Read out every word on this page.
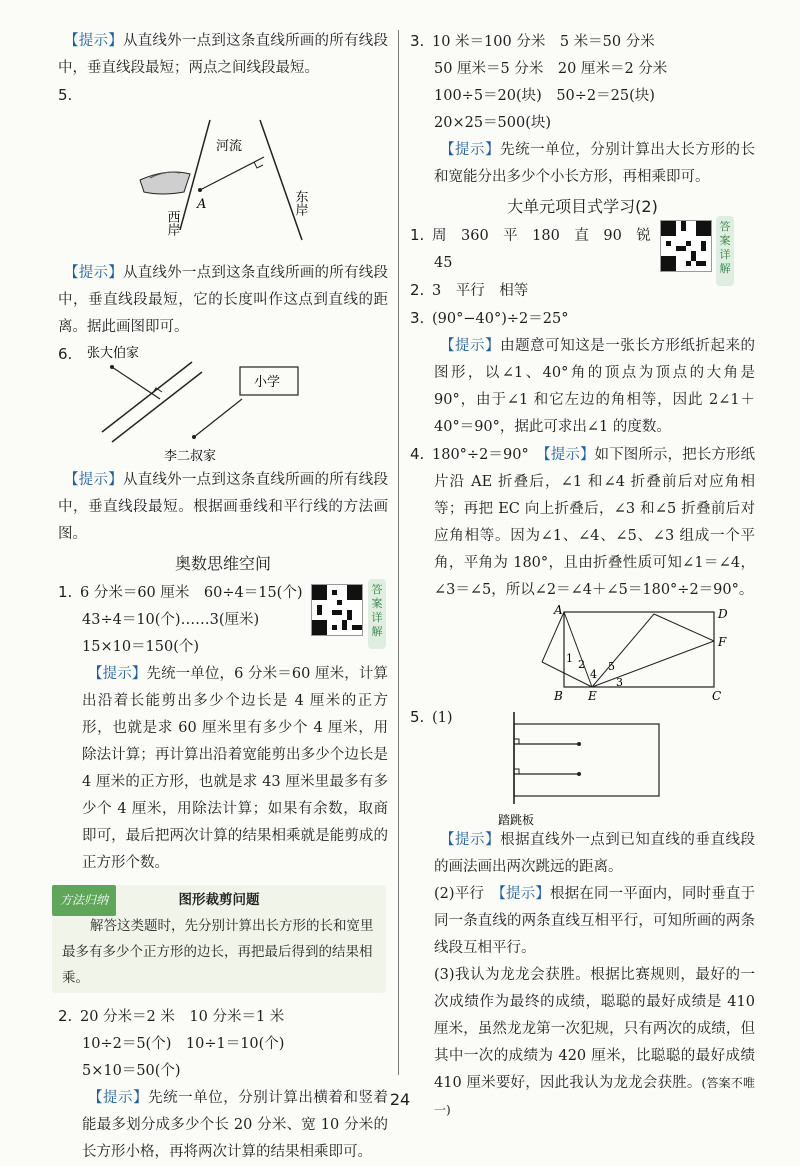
【提示】从直线外一点到这条直线所画的所有线段中，垂直线段最短；两点之间线段最短。

5.
河流
A
西岸
东岸

【提示】从直线外一点到这条直线所画的所有线段中，垂直线段最短，它的长度叫作这点到直线的距离。据此画图即可。

6. 张大伯家
小学
李二叔家

【提示】从直线外一点到这条直线所画的所有线段中，垂直线段最短。根据画垂线和平行线的方法画图。

奥数思维空间
1. 6 分米＝60 厘米　60÷4＝15(个)
43÷4＝10(个)……3(厘米)
15×10＝150(个)
答案详解

【提示】先统一单位，6 分米＝60 厘米，计算出沿着长能剪出多少个边长是 4 厘米的正方形，也就是求 60 厘米里有多少个 4 厘米，用除法计算；再计算出沿着宽能剪出多少个边长是 4 厘米的正方形，也就是求 43 厘米里最多有多少个 4 厘米，用除法计算；如果有余数，取商即可，最后把两次计算的结果相乘就是能剪成的正方形个数。

方法归纳	图形裁剪问题
解答这类题时，先分别计算出长方形的长和宽里最多有多少个正方形的边长，再把最后得到的结果相乘。
2. 20 分米＝2 米　10 分米＝1 米
10÷2＝5(个)　10÷1＝10(个)
5×10＝50(个)

【提示】先统一单位，分别计算出横着和竖着能最多划分成多少个长 20 分米、宽 10 分米的长方形小格，再将两次计算的结果相乘即可。

3. 10 米＝100 分米　5 米＝50 分米
50 厘米＝5 分米　20 厘米＝2 分米
100÷5＝20(块)　50÷2＝25(块)
20×25＝500(块)

【提示】先统一单位，分别计算出大长方形的长和宽能分出多少个小长方形，再相乘即可。

大单元项目式学习(2)
1. 周　360　平　180　直　90　锐
45
答案详解
2. 3　平行　相等
3. (90°−40°)÷2＝25°

【提示】由题意可知这是一张长方形纸折起来的图形，以∠1、40°角的顶点为顶点的大角是 90°，由于∠1 和它左边的角相等，因此 2∠1＋40°＝90°，据此可求出∠1 的度数。

4. 180°÷2＝90°　 【提示】如下图所示，把长方形纸片沿 AE 折叠后，∠1 和∠4 折叠前后对应角相等；再把 EC 向上折叠后，∠3 和∠5 折叠前后对应角相等。因为∠1、∠4、∠5、∠3 组成一个平角，平角为 180°，且由折叠性质可知∠1＝∠4，∠3＝∠5，所以∠2＝∠4＋∠5＝180°÷2＝90°。

A	D
B E	C
F
1 2
3
4
5
5. (1)
踏跳板

【提示】根据直线外一点到已知直线的垂直线段的画法画出两次跳远的距离。

(2)平行　【提示】根据在同一平面内，同时垂直于同一条直线的两条直线互相平行，可知所画的两条线段互相平行。

(3)我认为龙龙会获胜。根据比赛规则，最好的一次成绩作为最终的成绩，聪聪的最好成绩是 410 厘米，虽然龙龙第一次犯规，只有两次的成绩，但其中一次的成绩为 420 厘米，比聪聪的最好成绩 410 厘米要好，因此我认为龙龙会获胜。(答案不唯一)

24
